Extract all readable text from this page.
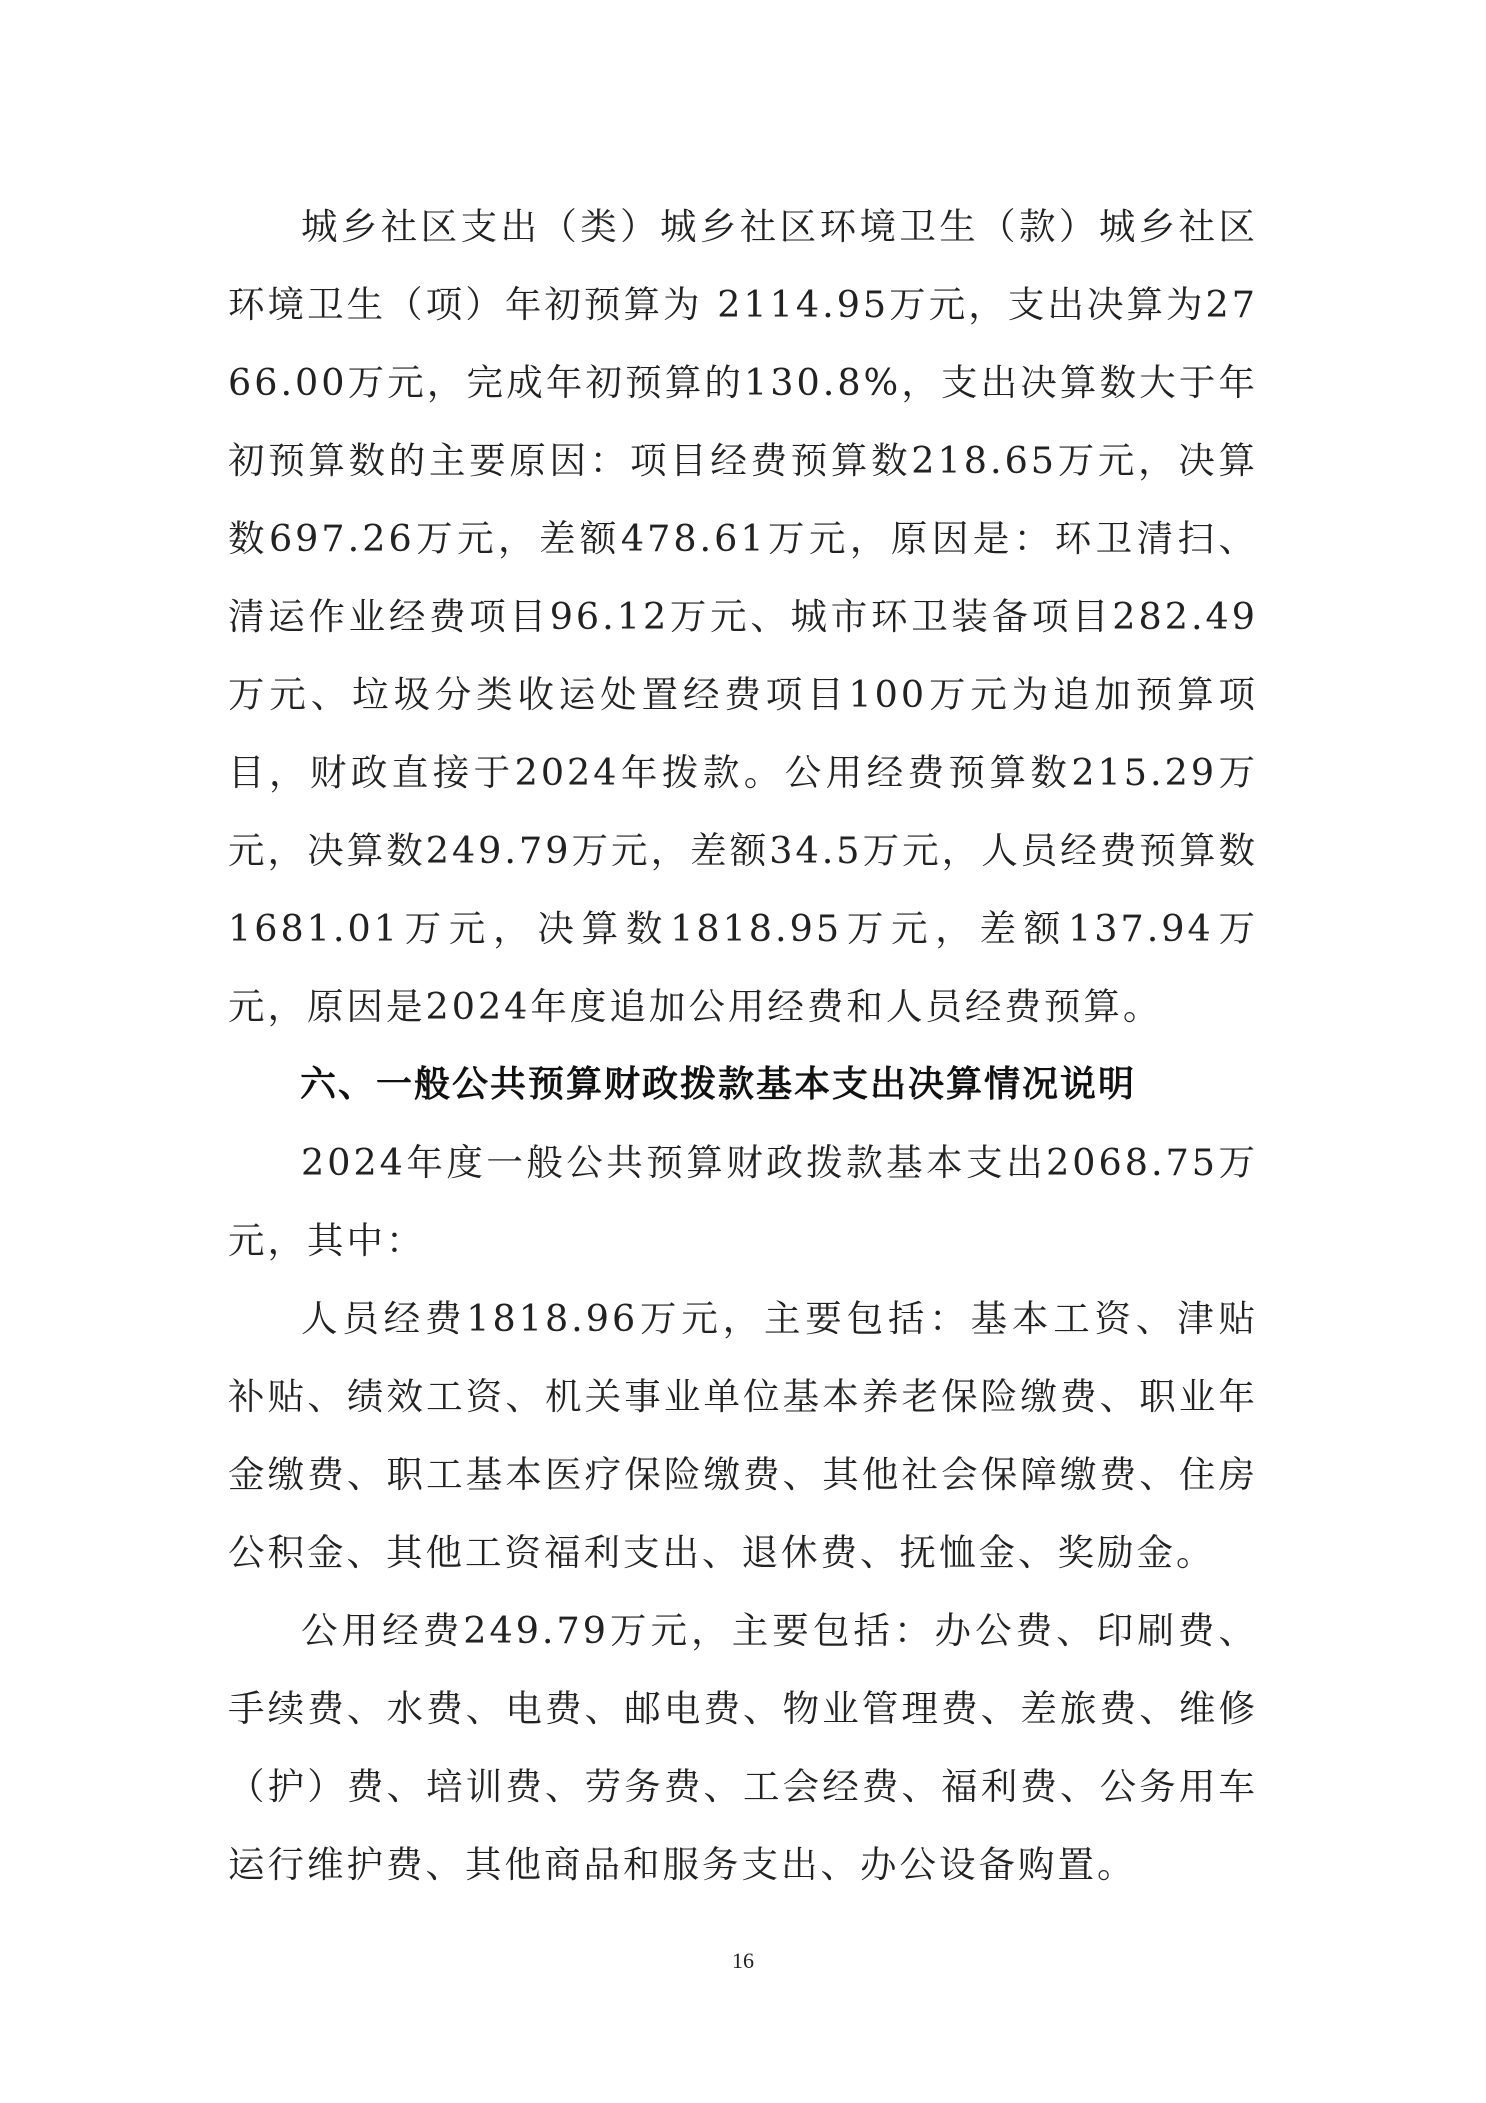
城乡社区支出（类）城乡社区环境卫生（款）城乡社区环境卫生（项）年初预算为 2114.95万元，支出决算为2766.00万元，完成年初预算的130.8%，支出决算数大于年初预算数的主要原因：项目经费预算数218.65万元，决算数697.26万元，差额478.61万元，原因是：环卫清扫、清运作业经费项目96.12万元、城市环卫装备项目282.49万元、垃圾分类收运处置经费项目100万元为追加预算项目，财政直接于2024年拨款。公用经费预算数215.29万元，决算数249.79万元，差额34.5万元，人员经费预算数1681.01万元，决算数1818.95万元，差额137.94万元，原因是2024年度追加公用经费和人员经费预算。

六、一般公共预算财政拨款基本支出决算情况说明

2024年度一般公共预算财政拨款基本支出2068.75万元，其中：

人员经费1818.96万元，主要包括：基本工资、津贴补贴、绩效工资、机关事业单位基本养老保险缴费、职业年金缴费、职工基本医疗保险缴费、其他社会保障缴费、住房公积金、其他工资福利支出、退休费、抚恤金、奖励金。

公用经费249.79万元，主要包括：办公费、印刷费、手续费、水费、电费、邮电费、物业管理费、差旅费、维修（护）费、培训费、劳务费、工会经费、福利费、公务用车运行维护费、其他商品和服务支出、办公设备购置。

16
